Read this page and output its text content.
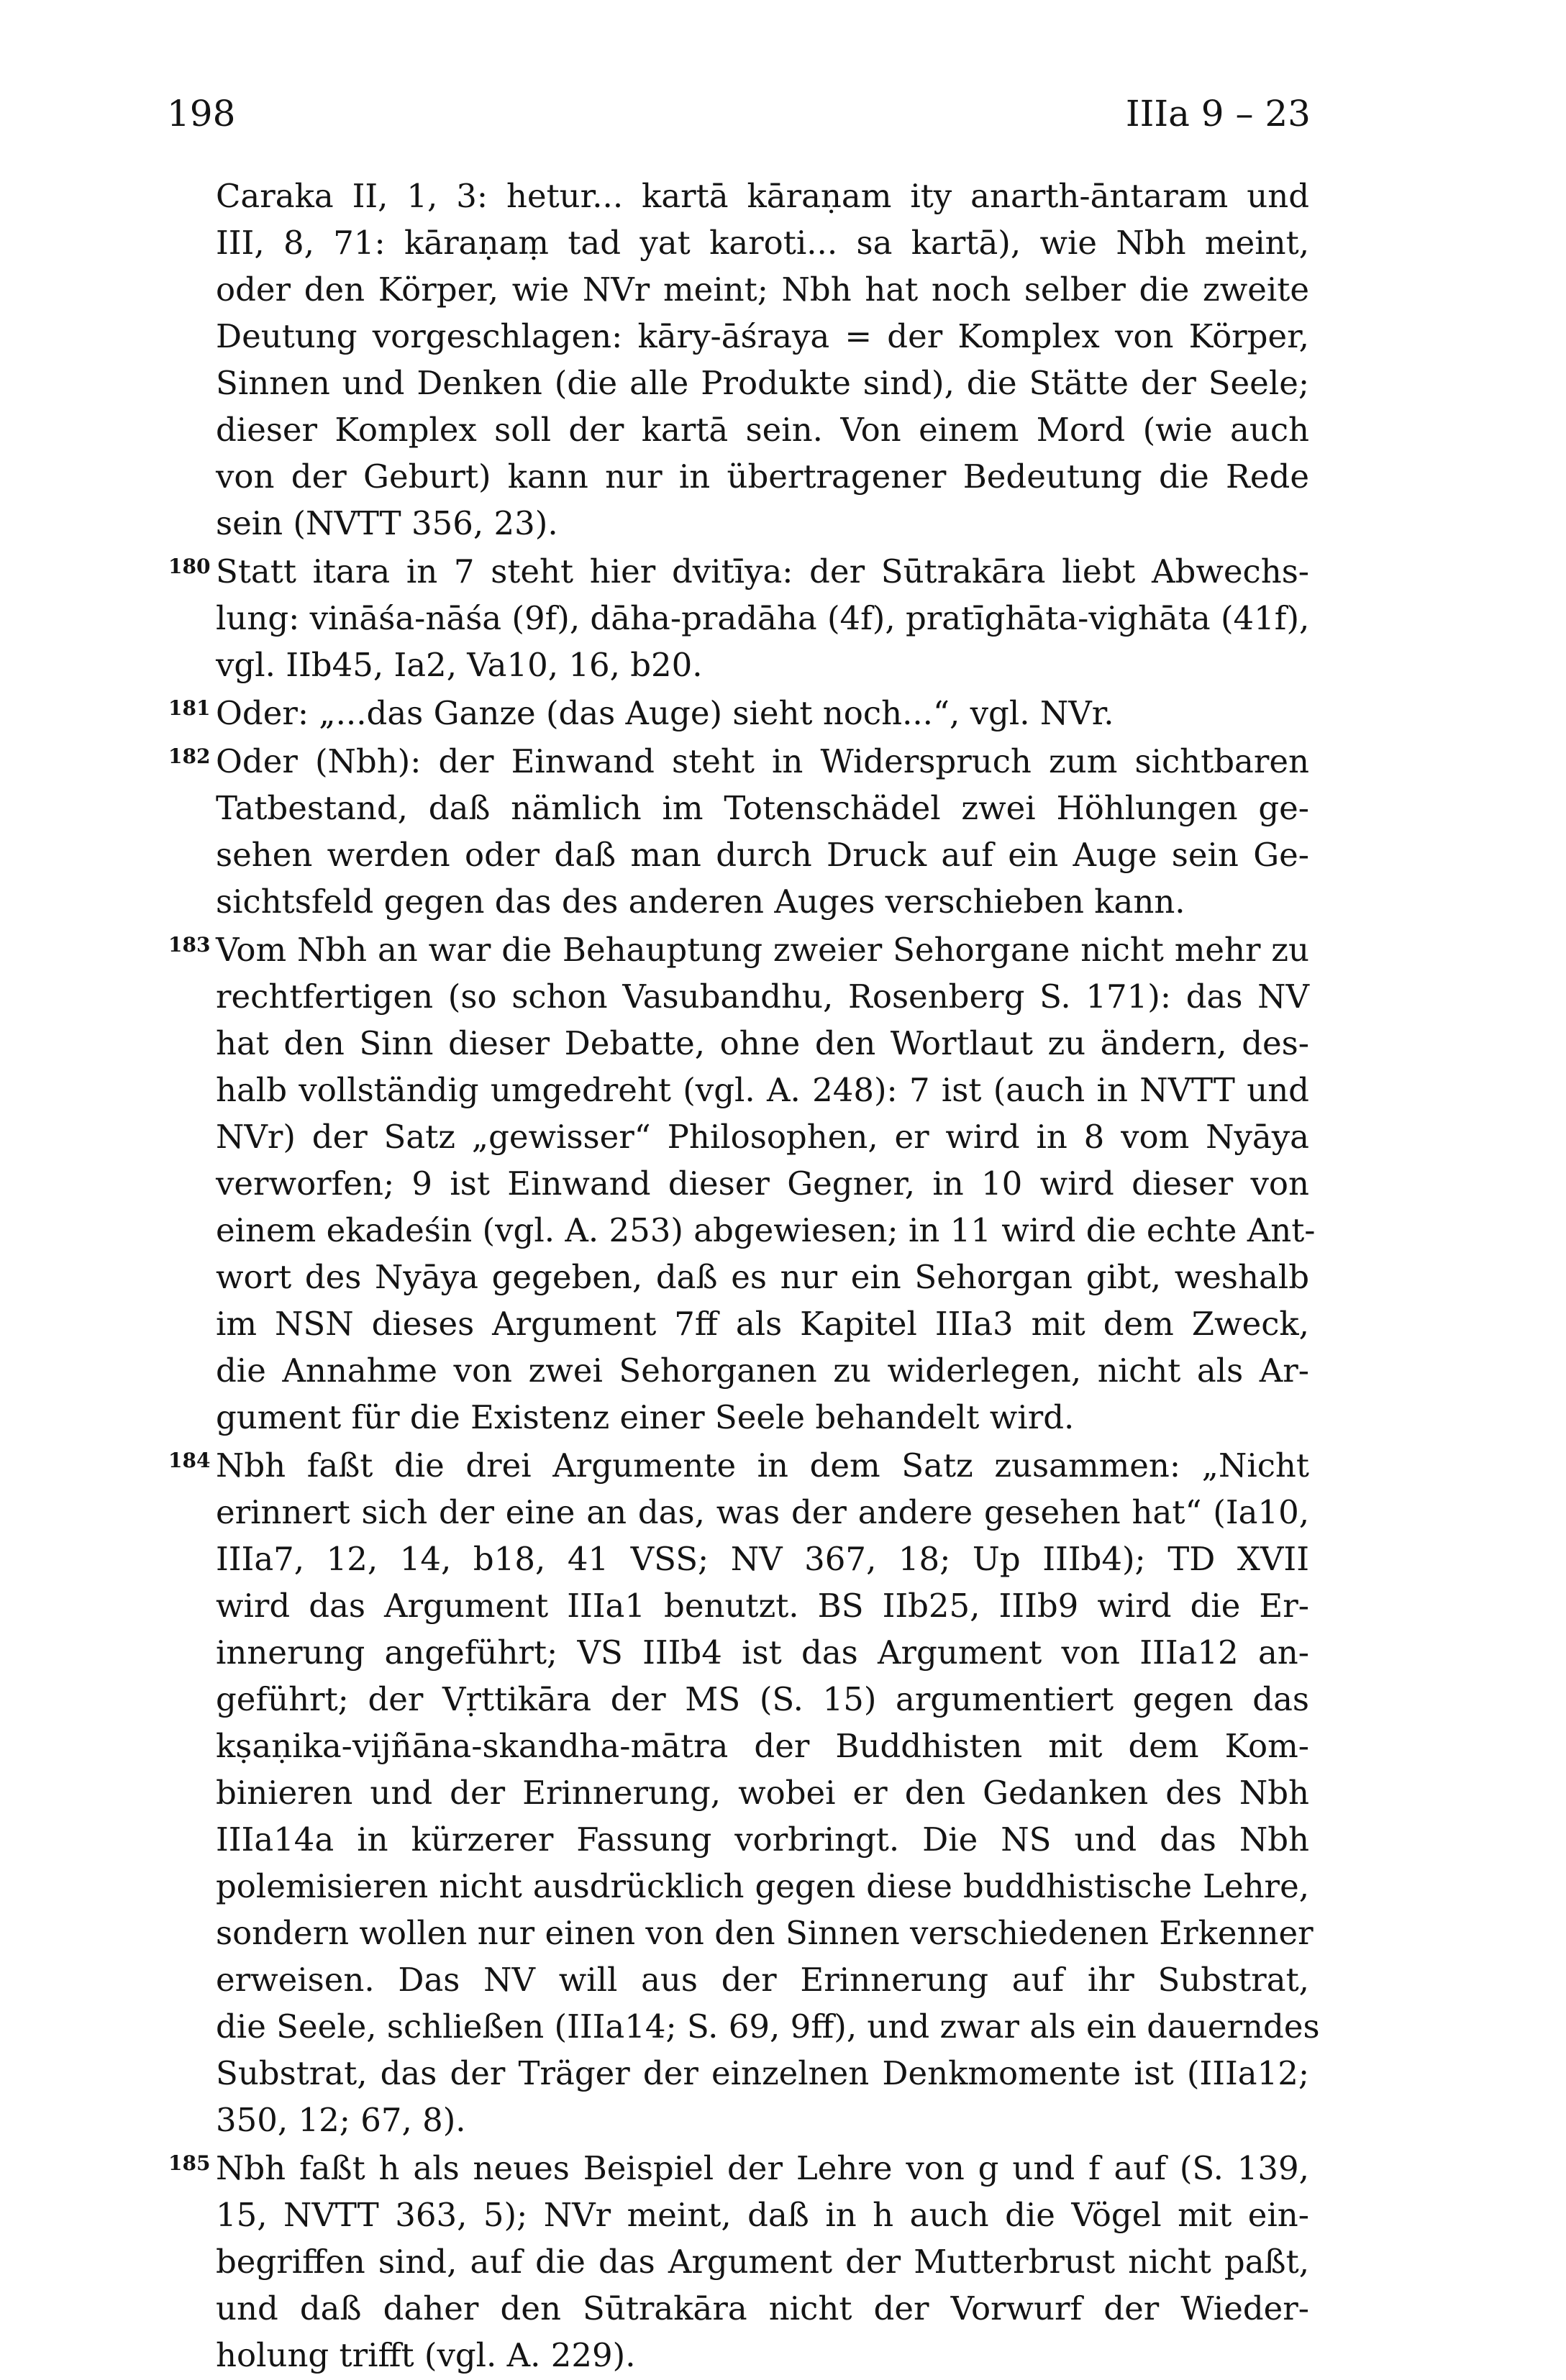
198	IIIa 9 – 23
Caraka II, 1, 3: hetur... kartā kāraṇam ity anarth-āntaram und
III, 8, 71: kāraṇaṃ tad yat karoti... sa kartā), wie Nbh meint,
oder den Körper, wie NVr meint; Nbh hat noch selber die zweite
Deutung vorgeschlagen: kāry-āśraya = der Komplex von Körper,
Sinnen und Denken (die alle Produkte sind), die Stätte der Seele;
dieser Komplex soll der kartā sein. Von einem Mord (wie auch
von der Geburt) kann nur in übertragener Bedeutung die Rede
sein (NVTT 356, 23).
180 Statt itara in 7 steht hier dvitīya: der Sūtrakāra liebt Abwechs-
lung: vināśa-nāśa (9f), dāha-pradāha (4f), pratīghāta-vighāta (41f),
vgl. IIb45, Ia2, Va10, 16, b20.
181 Oder: „...das Ganze (das Auge) sieht noch...“, vgl. NVr.
182 Oder (Nbh): der Einwand steht in Widerspruch zum sichtbaren
Tatbestand, daß nämlich im Totenschädel zwei Höhlungen ge-
sehen werden oder daß man durch Druck auf ein Auge sein Ge-
sichtsfeld gegen das des anderen Auges verschieben kann.
183 Vom Nbh an war die Behauptung zweier Sehorgane nicht mehr zu
rechtfertigen (so schon Vasubandhu, Rosenberg S. 171): das NV
hat den Sinn dieser Debatte, ohne den Wortlaut zu ändern, des-
halb vollständig umgedreht (vgl. A. 248): 7 ist (auch in NVTT und
NVr) der Satz „gewisser“ Philosophen, er wird in 8 vom Nyāya
verworfen; 9 ist Einwand dieser Gegner, in 10 wird dieser von
einem ekadeśin (vgl. A. 253) abgewiesen; in 11 wird die echte Ant-
wort des Nyāya gegeben, daß es nur ein Sehorgan gibt, weshalb
im NSN dieses Argument 7ff als Kapitel IIIa3 mit dem Zweck,
die Annahme von zwei Sehorganen zu widerlegen, nicht als Ar-
gument für die Existenz einer Seele behandelt wird.
184 Nbh faßt die drei Argumente in dem Satz zusammen: „Nicht
erinnert sich der eine an das, was der andere gesehen hat“ (Ia10,
IIIa7, 12, 14, b18, 41 VSS; NV 367, 18; Up IIIb4); TD XVII
wird das Argument IIIa1 benutzt. BS IIb25, IIIb9 wird die Er-
innerung angeführt; VS IIIb4 ist das Argument von IIIa12 an-
geführt; der Vṛttikāra der MS (S. 15) argumentiert gegen das
kṣaṇika-vijñāna-skandha-mātra der Buddhisten mit dem Kom-
binieren und der Erinnerung, wobei er den Gedanken des Nbh
IIIa14a in kürzerer Fassung vorbringt. Die NS und das Nbh
polemisieren nicht ausdrücklich gegen diese buddhistische Lehre,
sondern wollen nur einen von den Sinnen verschiedenen Erkenner
erweisen. Das NV will aus der Erinnerung auf ihr Substrat,
die Seele, schließen (IIIa14; S. 69, 9ff), und zwar als ein dauerndes
Substrat, das der Träger der einzelnen Denkmomente ist (IIIa12;
350, 12; 67, 8).
185 Nbh faßt h als neues Beispiel der Lehre von g und f auf (S. 139,
15, NVTT 363, 5); NVr meint, daß in h auch die Vögel mit ein-
begriffen sind, auf die das Argument der Mutterbrust nicht paßt,
und daß daher den Sūtrakāra nicht der Vorwurf der Wieder-
holung trifft (vgl. A. 229).
